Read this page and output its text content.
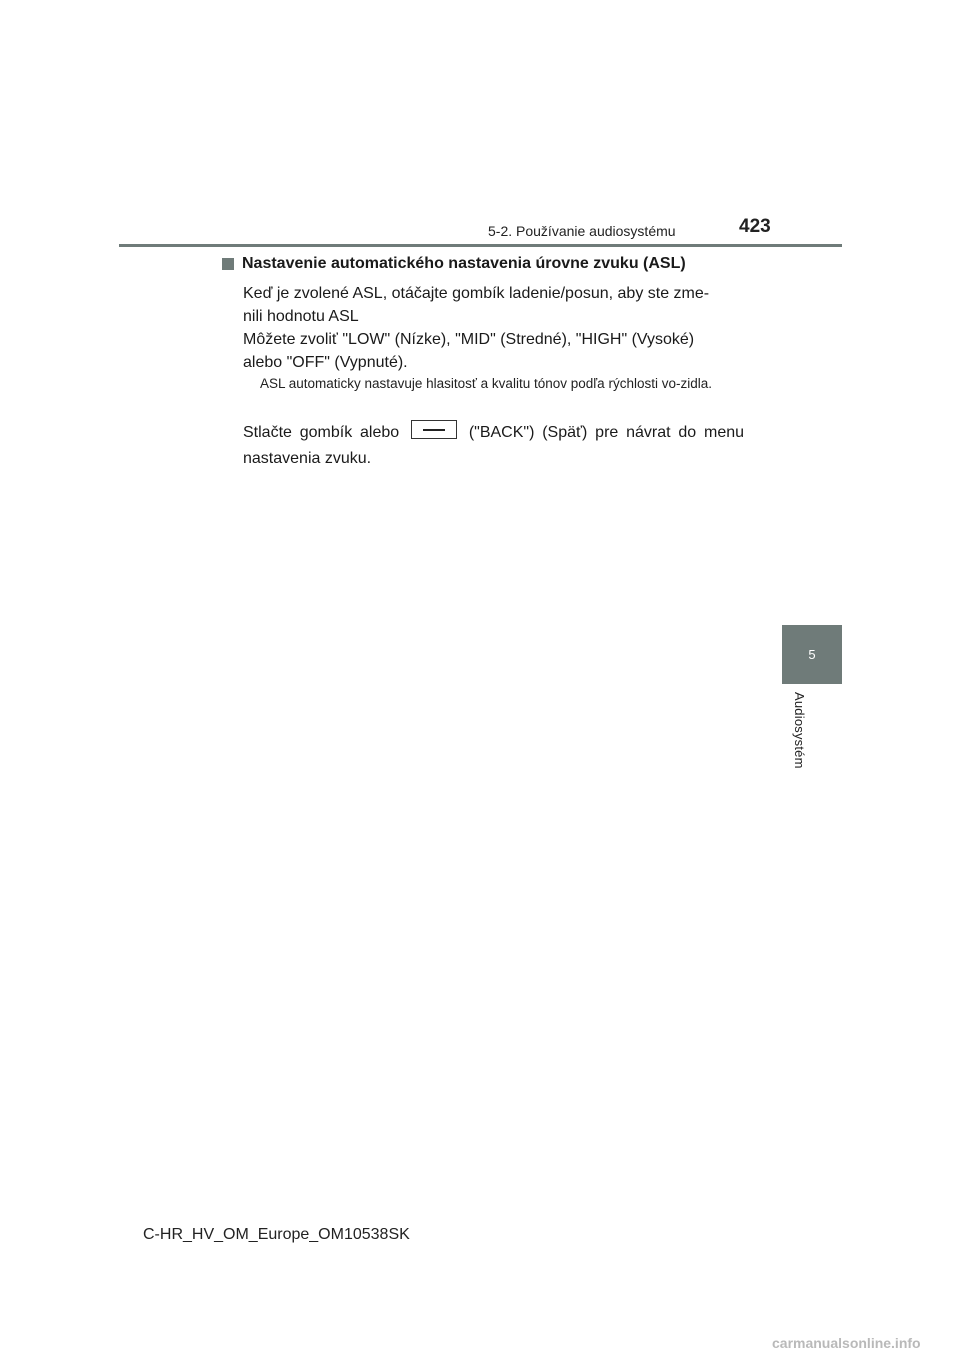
5-2. Používanie audiosystému	423
5
Audiosystém
Nastavenie automatického nastavenia úrovne zvuku (ASL)
Keď je zvolené ASL, otáčajte gombík ladenie/posun, aby ste zme-
nili hodnotu ASL
Môžete zvoliť "LOW" (Nízke), "MID" (Stredné), "HIGH" (Vysoké)
alebo "OFF" (Vypnuté).
ASL automaticky nastavuje hlasitosť a kvalitu tónov podľa rýchlosti vo-zidla.
Stlačte gombík alebo	("BACK") (Späť) pre návrat do menu nastavenia zvuku.
C-HR_HV_OM_Europe_OM10538SK
carmanualsonline.info
